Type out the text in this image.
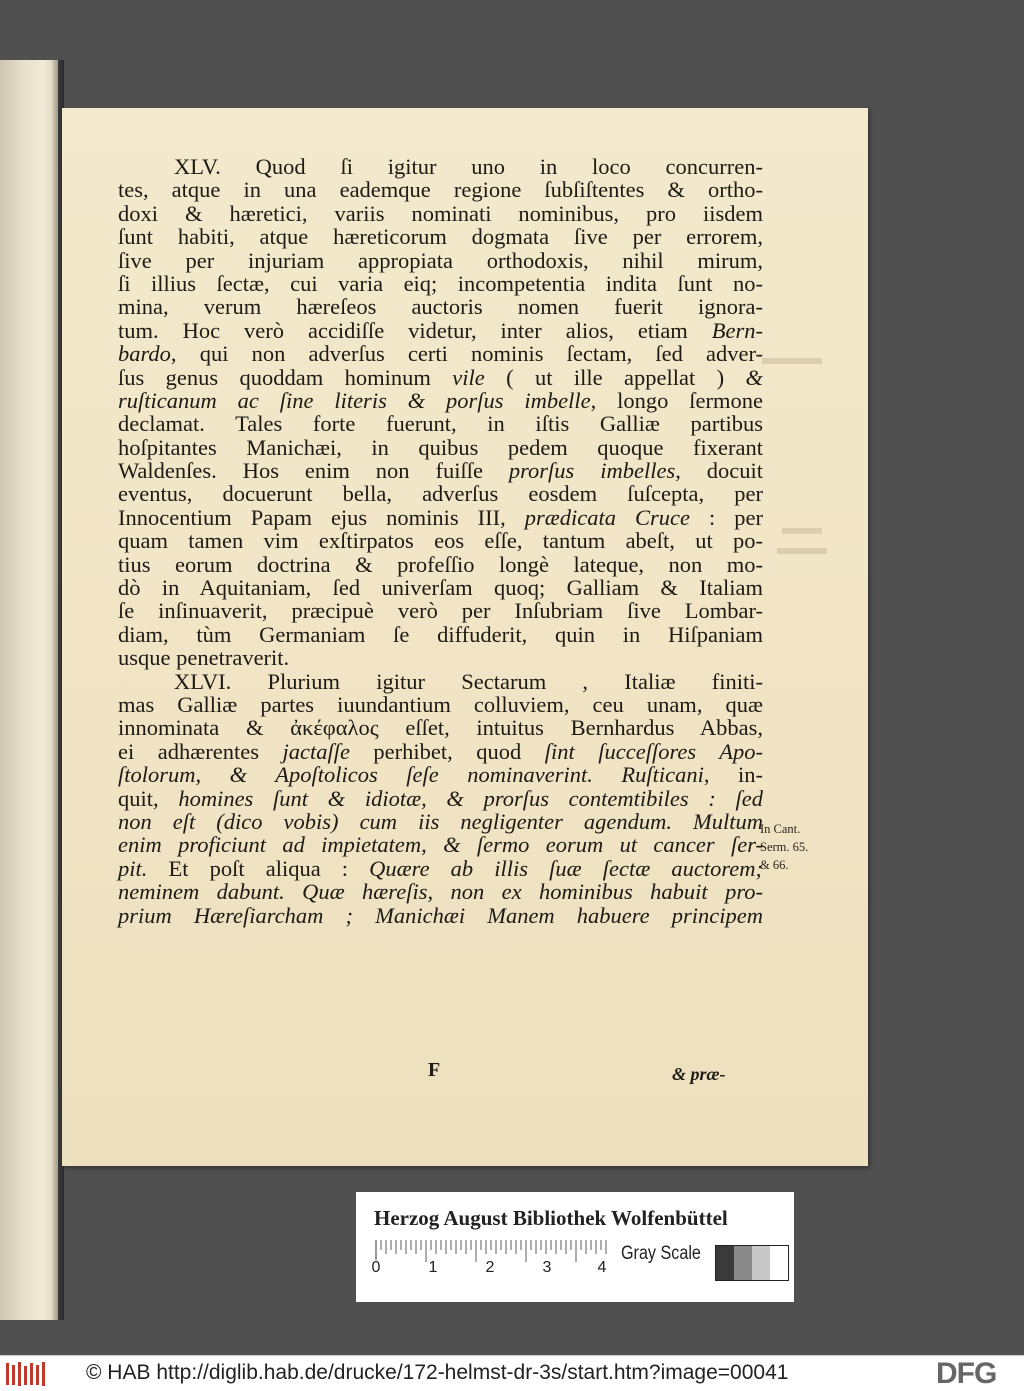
XLV. Quod ſi igitur uno in loco concurren-
tes, atque in una eademque regione ſubſiſtentes & ortho-
doxi & hæretici, variis nominati nominibus, pro iisdem
ſunt habiti, atque hæreticorum dogmata ſive per errorem,
ſive per injuriam appropiata orthodoxis, nihil mirum,
ſi illius ſectæ, cui varia eiq; incompetentia indita ſunt no-
mina, verum hæreſeos auctoris nomen fuerit ignora-
tum. Hoc verò accidiſſe videtur, inter alios, etiam Bern-
bardo, qui non adverſus certi nominis ſectam, ſed adver-
ſus genus quoddam hominum vile ( ut ille appellat ) &
ruſticanum ac ſine literis & porſus imbelle, longo ſermone
declamat. Tales forte fuerunt, in iſtis Galliæ partibus
hoſpitantes Manichæi, in quibus pedem quoque fixerant
Waldenſes. Hos enim non fuiſſe prorſus imbelles, docuit
eventus, docuerunt bella, adverſus eosdem ſuſcepta, per
Innocentium Papam ejus nominis III, prædicata Cruce : per
quam tamen vim exſtirpatos eos eſſe, tantum abeſt, ut po-
tius eorum doctrina & profeſſio longè lateque, non mo-
dò in Aquitaniam, ſed univerſam quoq; Galliam & Italiam
ſe inſinuaverit, præcipuè verò per Inſubriam ſive Lombar-
diam, tùm Germaniam ſe diffuderit, quin in Hiſpaniam
usque penetraverit.
XLVI. Plurium igitur Sectarum , Italiæ finiti-
mas Galliæ partes iuundantium colluviem, ceu unam, quæ
innominata & ἀκέφαλος eſſet, intuitus Bernhardus Abbas,
ei adhærentes jactaſſe perhibet, quod ſint ſucceſſores Apo-
ſtolorum, & Apoſtolicos ſeſe nominaverint. Ruſticani, in-
quit, homines ſunt & idiotæ, & prorſus contemtibiles : ſed
non eſt (dico vobis) cum iis negligenter agendum. Multum
enim proficiunt ad impietatem, & ſermo eorum ut cancer ſer-
pit. Et poſt aliqua : Quære ab illis ſuæ ſectæ auctorem;
neminem dabunt. Quæ hæreſis, non ex hominibus habuit pro-
prium Hæreſiarcham ; Manichæi Manem habuere principem
F	& præ-
In Cant.
Serm. 65.
& 66.
Herzog August Bibliothek Wolfenbüttel
0	1	2	3	4
Gray Scale
© HAB http://diglib.hab.de/drucke/172-helmst-dr-3s/start.htm?image=00041	DFG
